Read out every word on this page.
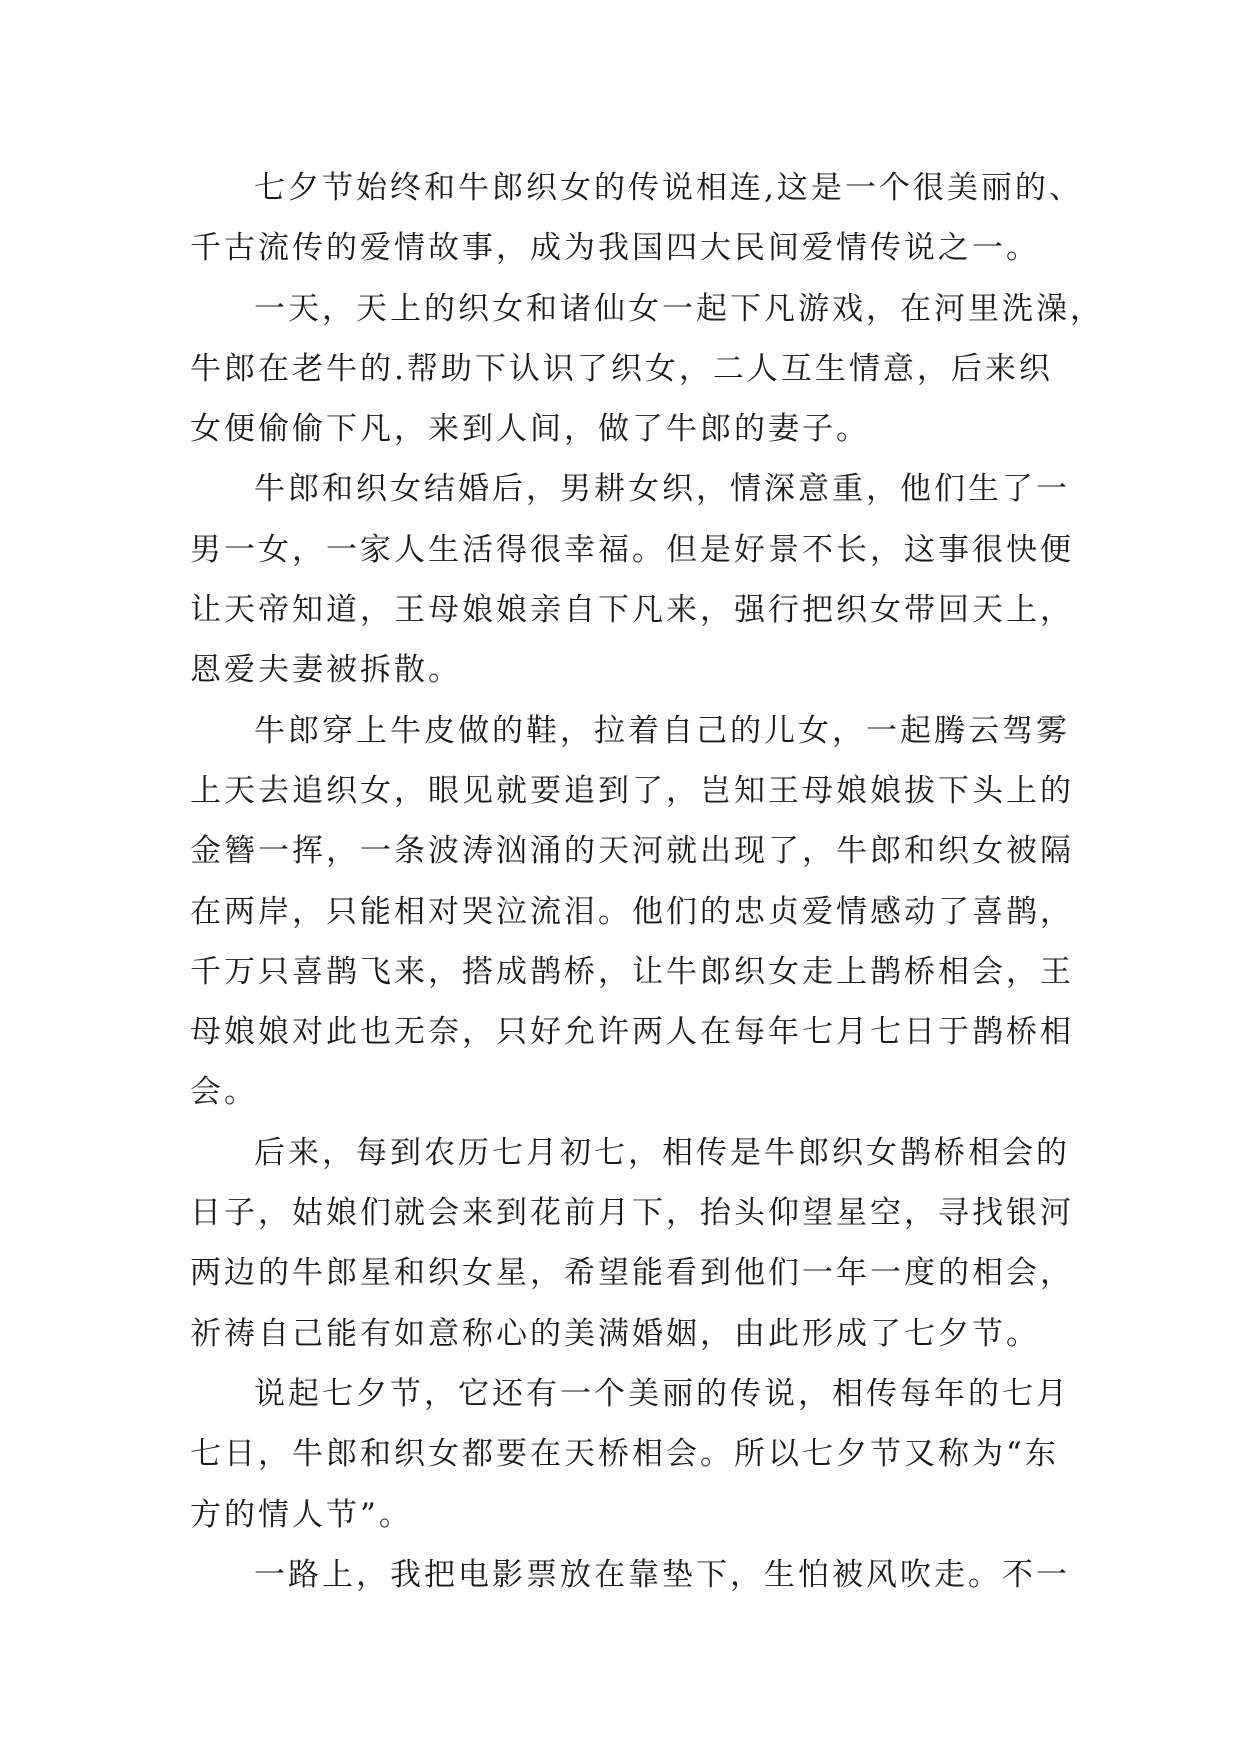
七夕节始终和牛郎织女的传说相连,这是一个很美丽的、
千古流传的爱情故事，成为我国四大民间爱情传说之一。

一天，天上的织女和诸仙女一起下凡游戏，在河里洗澡，
牛郎在老牛的.帮助下认识了织女，二人互生情意，后来织
女便偷偷下凡，来到人间，做了牛郎的妻子。

牛郎和织女结婚后，男耕女织，情深意重，他们生了一
男一女，一家人生活得很幸福。但是好景不长，这事很快便
让天帝知道，王母娘娘亲自下凡来，强行把织女带回天上，
恩爱夫妻被拆散。

牛郎穿上牛皮做的鞋，拉着自己的儿女，一起腾云驾雾
上天去追织女，眼见就要追到了，岂知王母娘娘拔下头上的
金簪一挥，一条波涛汹涌的天河就出现了，牛郎和织女被隔
在两岸，只能相对哭泣流泪。他们的忠贞爱情感动了喜鹊，
千万只喜鹊飞来，搭成鹊桥，让牛郎织女走上鹊桥相会，王
母娘娘对此也无奈，只好允许两人在每年七月七日于鹊桥相
会。

后来，每到农历七月初七，相传是牛郎织女鹊桥相会的
日子，姑娘们就会来到花前月下，抬头仰望星空，寻找银河
两边的牛郎星和织女星，希望能看到他们一年一度的相会，
祈祷自己能有如意称心的美满婚姻，由此形成了七夕节。

说起七夕节，它还有一个美丽的传说，相传每年的七月
七日，牛郎和织女都要在天桥相会。所以七夕节又称为“东
方的情人节”。

一路上，我把电影票放在靠垫下，生怕被风吹走。不一
